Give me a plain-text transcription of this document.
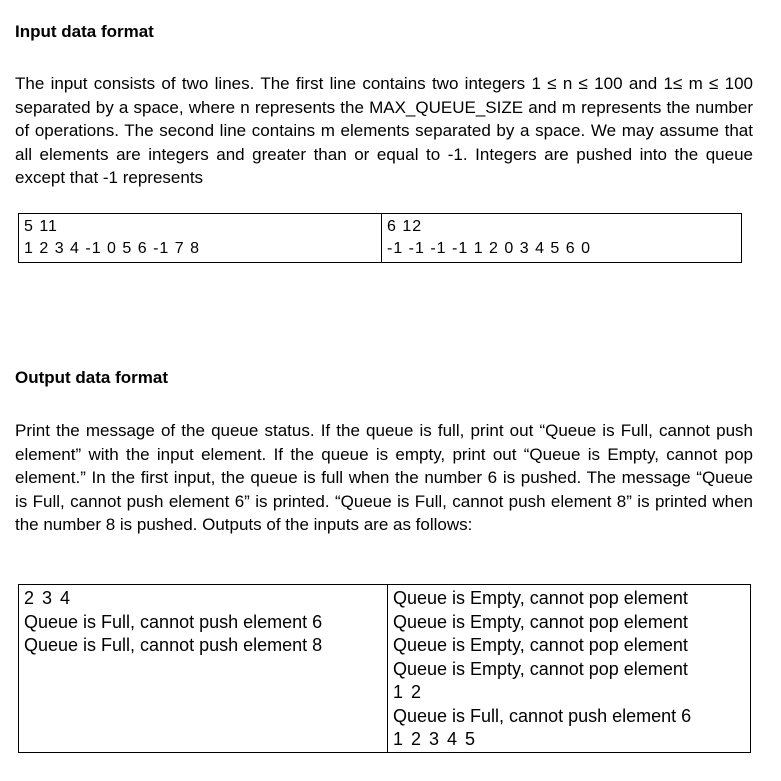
Input data format

The input consists of two lines. The first line contains two integers 1 ≤ n ≤ 100 and 1≤ m ≤ 100 separated by a space, where n represents the MAX_QUEUE_SIZE and m represents the number of operations. The second line contains m elements separated by a space. We may assume that all elements are integers and greater than or equal to -1. Integers are pushed into the queue except that -1 represents

5 11
1 2 3 4 -1 0 5 6 -1 7 8

6 12
-1 -1 -1 -1 1 2 0 3 4 5 6 0
Output data format

Print the message of the queue status. If the queue is full, print out “Queue is Full, cannot push element” with the input element. If the queue is empty, print out “Queue is Empty, cannot pop element.” In the first input, the queue is full when the number 6 is pushed. The message “Queue is Full, cannot push element 6” is printed. “Queue is Full, cannot push element 8” is printed when the number 8 is pushed. Outputs of the inputs are as follows:

2 3 4
Queue is Full, cannot push element 6
Queue is Full, cannot push element 8

Queue is Empty, cannot pop element
Queue is Empty, cannot pop element
Queue is Empty, cannot pop element
Queue is Empty, cannot pop element
1 2
Queue is Full, cannot push element 6
1 2 3 4 5
